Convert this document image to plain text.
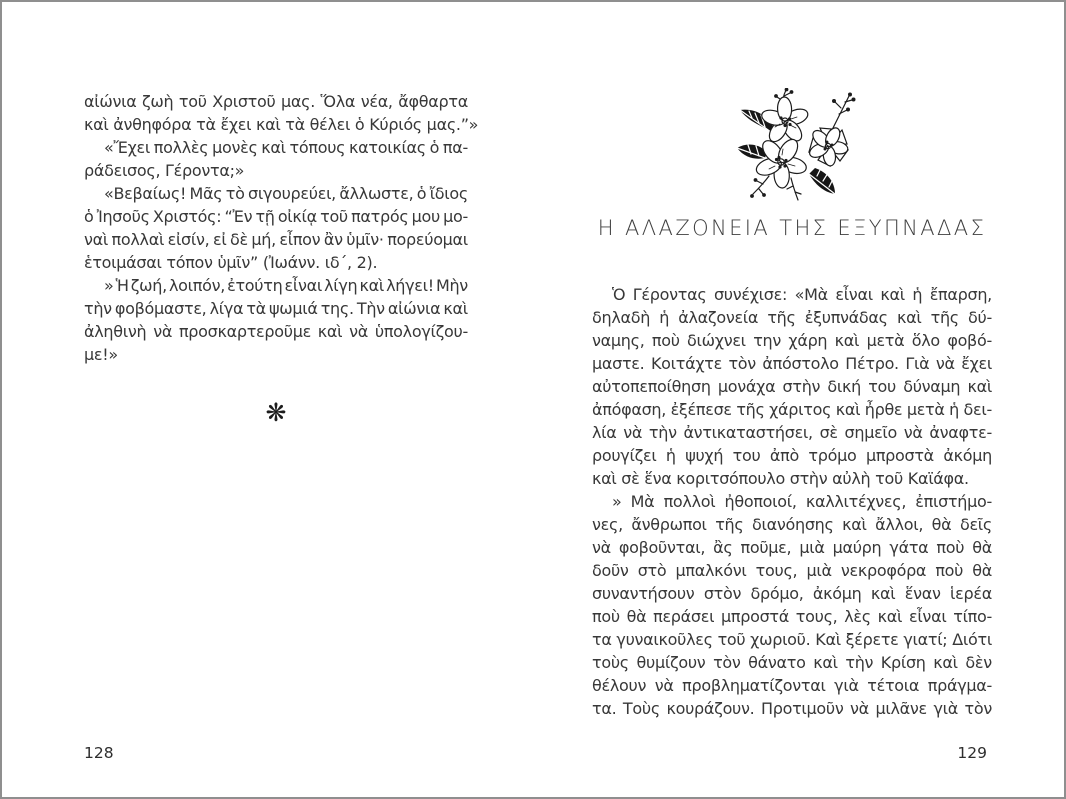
αἰώνια ζωὴ τοῦ Χριστοῦ μας. Ὅλα νέα, ἄφθαρτα
καὶ ἀνθηφόρα τὰ ἔχει καὶ τὰ θέλει ὁ Κύριός μας.”»
«Ἔχει πολλὲς μονὲς καὶ τόπους κατοικίας ὁ πα-
ράδεισος, Γέροντα;»
«Βεβαίως! Μᾶς τὸ σιγουρεύει, ἄλλωστε, ὁ ἴδιος
ὁ Ἰησοῦς Χριστός: “Ἐν τῇ οἰκίᾳ τοῦ πατρός μου μο-
ναὶ πολλαὶ εἰσίν, εἰ δὲ μή, εἶπον ἂν ὑμῖν· πορεύομαι
ἑτοιμάσαι τόπον ὑμῖν” (Ἰωάνν. ιδ´, 2).
» Ἡ ζωή, λοιπόν, ἐτούτη εἶναι λίγη καὶ λήγει! Μὴν
τὴν φοβόμαστε, λίγα τὰ ψωμιά της. Τὴν αἰώνια καὶ
ἀληθινὴ νὰ προσκαρτεροῦμε καὶ νὰ ὑπολογίζου-
με!»
❋
128
Η ΑΛΑΖΟΝΕΙΑ ΤΗΣ ΕΞΥΠΝΑΔΑΣ
Ὁ Γέροντας συνέχισε: «Μὰ εἶναι καὶ ἡ ἔπαρση,
δηλαδὴ ἡ ἀλαζονεία τῆς ἐξυπνάδας καὶ τῆς δύ-
ναμης, ποὺ διώχνει την χάρη καὶ μετὰ ὅλο φοβό-
μαστε. Κοιτάχτε τὸν ἀπόστολο Πέτρο. Γιὰ νὰ ἔχει
αὐτοπεποίθηση μονάχα στὴν δική του δύναμη καὶ
ἀπόφαση, ἐξέπεσε τῆς χάριτος καὶ ἦρθε μετὰ ἡ δει-
λία νὰ τὴν ἀντικαταστήσει, σὲ σημεῖο νὰ ἀναφτε-
ρουγίζει ἡ ψυχή του ἀπὸ τρόμο μπροστὰ ἀκόμη
καὶ σὲ ἕνα κοριτσόπουλο στὴν αὐλὴ τοῦ Καϊάφα.
» Μὰ πολλοὶ ἠθοποιοί, καλλιτέχνες, ἐπιστήμο-
νες, ἄνθρωποι τῆς διανόησης καὶ ἄλλοι, θὰ δεῖς
νὰ φοβοῦνται, ἂς ποῦμε, μιὰ μαύρη γάτα ποὺ θὰ
δοῦν στὸ μπαλκόνι τους, μιὰ νεκροφόρα ποὺ θὰ
συναντήσουν στὸν δρόμο, ἀκόμη καὶ ἕναν ἱερέα
ποὺ θὰ περάσει μπροστά τους, λὲς καὶ εἶναι τίπο-
τα γυναικοῦλες τοῦ χωριοῦ. Καὶ ξέρετε γιατί; Διότι
τοὺς θυμίζουν τὸν θάνατο καὶ τὴν Κρίση καὶ δὲν
θέλουν νὰ προβληματίζονται γιὰ τέτοια πράγμα-
τα. Τοὺς κουράζουν. Προτιμοῦν νὰ μιλᾶνε γιὰ τὸν
129
